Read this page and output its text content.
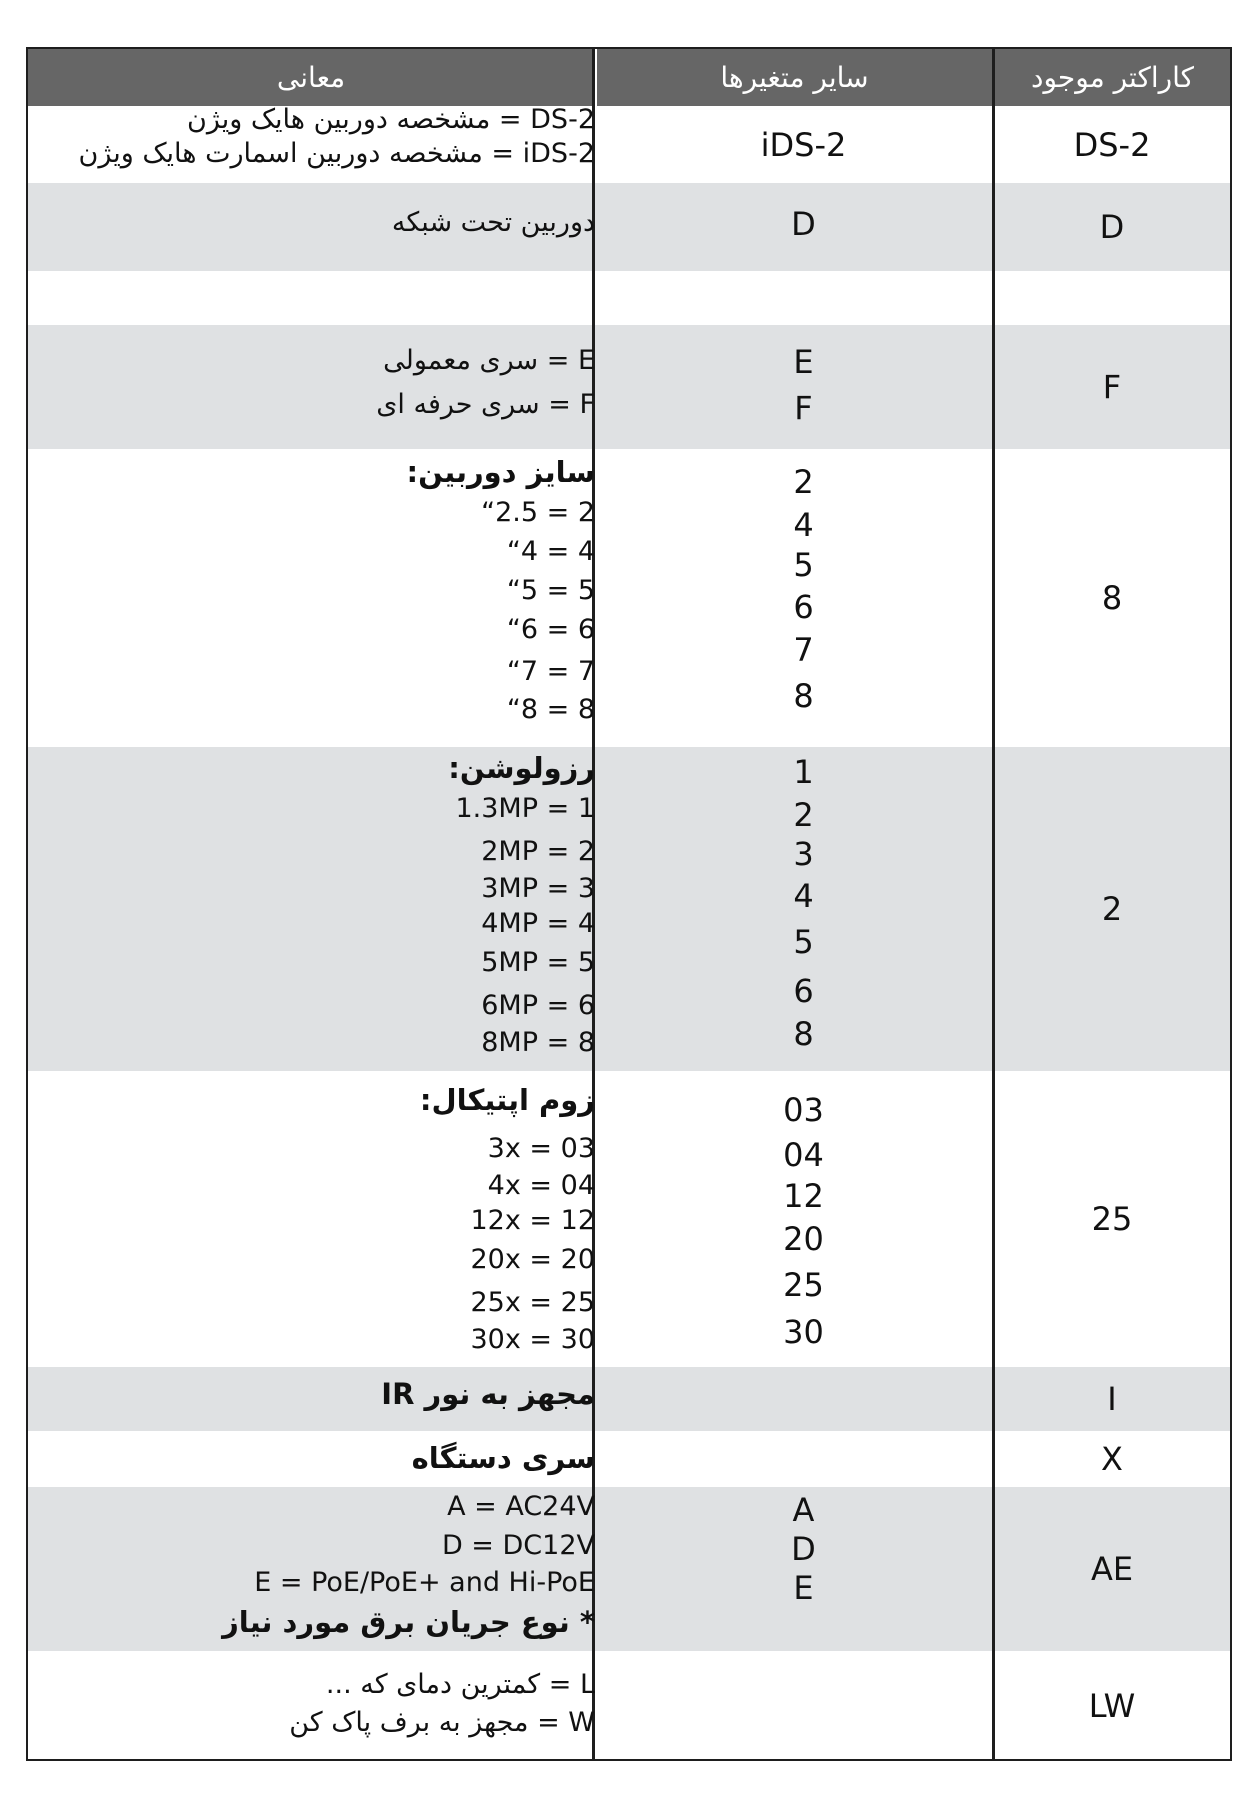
معانی	سایر متغیرها	کاراکتر موجود
DS-2
iDS-2
DS-2 = مشخصه دوربین هایک ویژن
iDS-2 = مشخصه دوربین اسمارت هایک ویژن
D
D
دوربین تحت شبکه
F
E
F
E = سری معمولی
F = سری حرفه ای
8
2
4
5
6
7
8
سایز دوربین:
2 = 2.5“
4 = 4“
5 = 5“
6 = 6“
7 = 7“
8 = 8“
2
1
2
3
4
5
6
8
رزولوشن:
1 = 1.3MP
2 = 2MP
3 = 3MP
4 = 4MP
5 = 5MP
6 = 6MP
8 = 8MP
25
03
04
12
20
25
30
زوم اپتیکال:
03 = 3x
04 = 4x
12 = 12x
20 = 20x
25 = 25x
30 = 30x
I
مجهز به نور IR
X
سری دستگاه
AE
A
D
E
A = AC24V
D = DC12V
E = PoE/PoE+ and Hi-PoE
* نوع جریان برق مورد نیاز
LW
L = کمترین دمای که ...
W = مجهز به برف پاک کن
